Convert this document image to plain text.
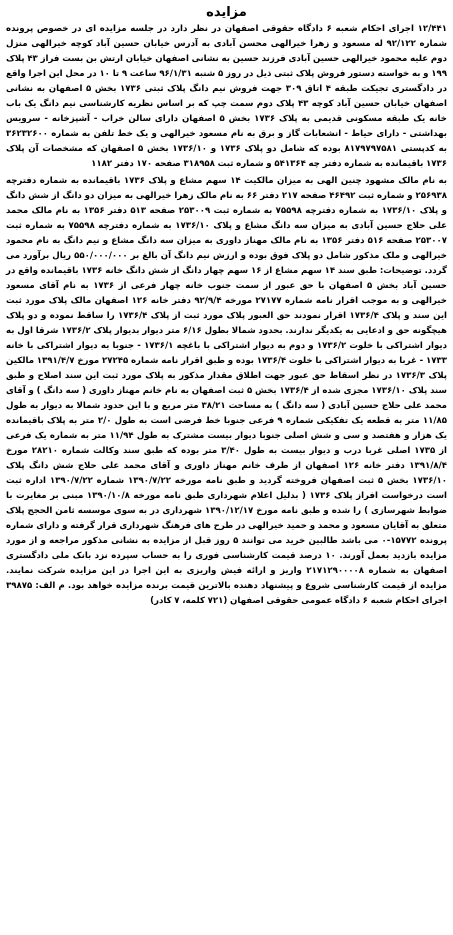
مزایده

۱۲/۴۴۱ اجرای احکام شعبه ۶ دادگاه حقوقی اصفهان در نظر دارد در جلسه مزایده ای در خصوص پرونده شماره ۹۲/۱۲۲ له مسعود و زهرا خیرالهی محسن آبادی به آدرس خیابان حسین آباد کوچه خیرالهی منزل دوم علیه محمود خیرالهی حسین آبادی فرزند حسین به نشانی اصفهان خیابان ارتش بن بست فراز ۴۳ پلاک ۱۹۹ و به خواسته دستور فروش پلاک ثبتی ذیل در روز ۵ شنبه ۹۶/۱/۳۱ ساعت ۹ تا ۱۰ در محل این اجرا واقع در دادگستری تجیکت طبقه ۴ اتاق ۳۰۹ جهت فروش نیم دانگ پلاک ثبتی ۱۷۳۶ بخش ۵ اصفهان به نشانی اصفهان خیابان حسین آباد کوچه ۴۳ پلاک دوم سمت چپ که بر اساس نظریه کارشناسی نیم دانگ یک باب خانه یک طبقه مسکونی قدیمی به پلاک ۱۷۳۶ بخش ۵ اصفهان دارای سالن خراب - آشپزخانه - سرویس بهداشتی - دارای حیاط - انشعابات گاز و برق به نام مسعود خیرالهی و یک خط تلفن به شماره ۳۶۲۳۲۶۰۰ به کدپستی ۸۱۷۹۷۹۷۵۸۱ بوده که شامل دو پلاک ۱۷۳۶ و ۱۷۳۶/۱۰ بخش ۵ اصفهان که مشخصات آن پلاک ۱۷۳۶ باقیمانده به شماره دفتر چه ۵۴۱۳۶۴ و شماره ثبت ۳۱۸۹۵۸ صفحه ۱۷۰ دفتر ۱۱۸۲

به نام مالک مشهود چنین الهی به میزان مالکیت ۱۴ سهم مشاع و پلاک ۱۷۳۶ باقیمانده به شماره دفترچه ۲۵۶۹۳۸ و شماره ثبت ۴۶۴۹۲ صفحه ۲۱۷ دفتر ۶۶ به نام مالک زهرا خیرالهی به میزان دو دانگ از شش دانگ و پلاک ۱۷۳۶/۱۰ به شماره دفترچه ۷۵۵۹۸ به شماره ثبت ۲۵۳۰۰۹ صفحه ۵۱۳ دفتر ۱۳۵۶ به نام مالک محمد علی حلاج حسین آبادی به میزان سه دانگ مشاع و پلاک ۱۷۳۶/۱۰ به شماره دفترچه ۷۵۵۹۸ به شماره ثبت ۲۵۳۰۰۷ صفحه ۵۱۶ دفتر ۱۳۵۶ به نام مالک مهناز داوری به میزان سه دانگ مشاع و نیم دانگ به نام محمود خیرالهی و ملک مذکور شامل دو پلاک فوق بوده و ارزش نیم دانگ آن بالغ بر ۵۵۰/۰۰۰/۰۰۰ ریال برآورد می گردد. توضیحات: طبق سند ۱۴ سهم مشاع از ۱۶ سهم چهار دانگ از شش دانگ خانه ۱۷۳۶ باقیمانده واقع در حسین آباد بخش ۵ اصفهان با حق عبور از سمت جنوب خانه چهار فرعی از ۱۷۳۶ به نام آقای مسعود خیرالهی و به موجب اقرار نامه شماره ۲۷۱۷۷ مورخه ۹۲/۹/۴ دفتر خانه ۱۲۶ اصفهان مالک پلاک مورد ثبت این سند و پلاک ۱۷۳۶/۴ اقرار نمودند حق العبور پلاک مورد ثبت از پلاک ۱۷۳۶/۴ را ساقط نموده و دو پلاک هیچگونه حق و ادعایی به یکدیگر ندارند. بحدود شمالا بطول ۶/۱۶ متر دیوار بدیوار پلاک ۱۷۳۶/۲ شرقا اول به دیوار اشتراکی با خلوت ۱۷۳۶/۲ و دوم به دیوار اشتراکی با باغچه ۱۷۳۶/۱ - جنوبا به دیوار اشتراکی با خانه ۱۷۳۳ - غربا به دیوار اشتراکی با خلوت ۱۷۳۶/۴ بوده و طبق اقرار نامه شماره ۲۷۲۴۵ مورخ ۱۳۹۱/۴/۷ مالکین پلاک ۱۷۳۶/۳ در نظر اسقاط حق عبور جهت اطلاق مقدار مذکور به پلاک مورد ثبت این سند اصلاح و طبق سند پلاک ۱۷۳۶/۱۰ مجزی شده از ۱۷۳۶/۴ بخش ۵ ثبت اصفهان به نام خانم مهناز داوری ( سه دانگ ) و آقای محمد علی حلاج حسین آبادی ( سه دانگ ) به مساحت ۳۸/۲۱ متر مربع و با این حدود شمالا به دیوار به طول ۱۱/۸۵ متر به قطعه یک تفکیکی شماره ۹ فرعی جنوبا خط فرضی است به طول ۲/۰ متر به پلاک باقیمانده یک هزار و هفتصد و سی و شش اصلی جنوبا دیوار بیست مشترک به طول ۱۱/۹۴ متر به شماره یک فرعی از ۱۷۳۵ اصلی غربا درب و دیوار بیست به طول ۳/۴۰ متر بوده که طبق سند وکالت شماره ۲۸۲۱۰ مورخ ۱۳۹۱/۸/۴ دفتر خانه ۱۲۶ اصفهان از طرف خانم مهناز داوری و آقای محمد علی حلاج شش دانگ پلاک ۱۷۳۶/۱۰ بخش ۵ ثبت اصفهان فروخته گردید و طبق نامه مورخه ۱۳۹۰/۷/۲۲ شماره ۱۳۹۰/۷/۲۲ اداره ثبت است درخواست افراز پلاک ۱۷۳۶ ( بدلیل اعلام شهرداری طبق نامه مورخه ۱۳۹۰/۱۰/۸ مبنی بر مغایرت با ضوابط شهرسازی ) را شده و طبق نامه مورخ ۱۳۹۰/۱۲/۱۷ شهرداری در به سوی موسسه ثامن الحجج پلاک متعلق به آقایان مسعود و محمد و حمید خیرالهی در طرح های فرهنگ شهرداری قرار گرفته و دارای شماره پرونده ۱۵۷۷۲-۰ می باشد طالبین خرید می توانند ۵ روز قبل از مزایده به نشانی مذکور مراجعه و از مورد مزایده بازدید بعمل آورند. ۱۰ درصد قیمت کارشناسی فوری را به حساب سپرده نزد بانک ملی دادگستری اصفهان به شماره ۲۱۷۱۲۹۰۰۰۰۸ واریز و ارائه فیش واریزی به این اجرا در این مزایده شرکت نمایند. مزایده از قیمت کارشناسی شروع و پیشنهاد دهنده بالاترین قیمت برنده مزایده خواهد بود. م الف: ۳۹۸۷۵ اجرای احکام شعبه ۶ دادگاه عمومی حقوقی اصفهان (۷۲۱ کلمه، ۷ کادر)
